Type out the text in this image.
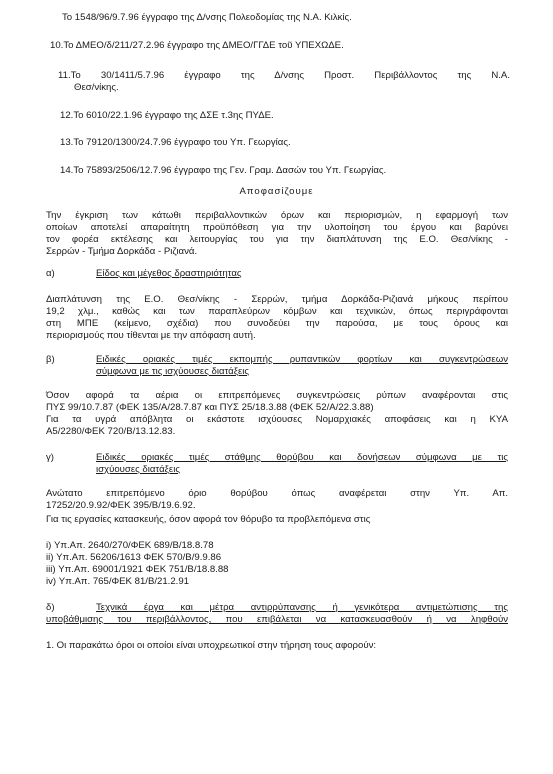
Το 1548/96/9.7.96 έγγραφο της Δ/νσης Πολεοδομίας της Ν.Α. Κιλκίς.
10.Το ΔΜΕΟ/δ/211/27.2.96 έγγραφο της ΔΜΕΟ/ΓΓΔΕ τοῦ ΥΠΕΧΩΔΕ.
11.Το 30/1411/5.7.96 έγγραφο της Δ/νσης Προστ. Περιβάλλοντος της Ν.Α.
Θεσ/νίκης.
12.Το 6010/22.1.96 έγγραφο της ΔΣΕ τ.3ης ΠΥΔΕ.
13.Το 79120/1300/24.7.96 έγγραφο του Υπ. Γεωργίας.
14.Το 75893/2506/12.7.96 έγγραφο της Γεν. Γραμ. Δασών του Υπ. Γεωργίας.
Αποφασίζουμε
Την έγκριση των κάτωθι περιβαλλοντικών όρων και περιορισμών, η εφαρμογή των
οποίων αποτελεί απαραίτητη προϋπόθεση για την υλοποίηση του έργου και βαρύνει
τον φορέα εκτέλεσης και λειτουργίας του για την διαπλάτυνση της Ε.Ο. Θεσ/νίκης -
Σερρών - Τμήμα Δορκάδα - Ριζιανά.
α)	Είδος και μέγεθος δραστηριότητας
Διαπλάτυνση της Ε.Ο. Θεσ/νίκης - Σερρών, τμήμα Δορκάδα-Ριζιανά μήκους περίπου
19,2 χλμ., καθώς και των παραπλεύρων κόμβων και τεχνικών, όπως περιγράφονται
στη ΜΠΕ (κείμενο, σχέδια) που συνοδεύει την παρούσα, με τους όρους και
περιορισμούς που τίθενται με την απόφαση αυτή.
β)	Ειδικές οριακές τιμές εκπομπής ρυπαντικών φορτίων και συγκεντρώσεων
σύμφωνα με τις ισχύουσες διατάξεις
Όσον αφορά τα αέρια οι επιτρεπόμενες συγκεντρώσεις ρύπων αναφέρονται στις
ΠΥΣ 99/10.7.87 (ΦΕΚ 135/Α/28.7.87 και ΠΥΣ 25/18.3.88 (ΦΕΚ 52/Α/22.3.88)
Για τα υγρά απόβλητα οι εκάστοτε ισχύουσες Νομαρχιακές αποφάσεις και η ΚΥΑ
Α5/2280/ΦΕΚ 720/Β/13.12.83.
γ)	Ειδικές οριακές τιμές στάθμης θορύβου και δονήσεων σύμφωνα με τις
ισχύουσες διατάξεις
Ανώτατο επιτρεπόμενο όριο θορύβου όπως αναφέρεται στην Υπ. Απ.
17252/20.9.92/ΦΕΚ 395/Β/19.6.92.
Για τις εργασίες κατασκευής, όσον αφορά τον θόρυβο τα προβλεπόμενα στις
i) Υπ.Απ. 2640/270/ΦΕΚ 689/Β/18.8.78
ii) Υπ.Απ. 56206/1613 ΦΕΚ 570/Β/9.9.86
iii) Υπ.Απ. 69001/1921 ΦΕΚ 751/Β/18.8.88
iv) Υπ.Απ. 765/ΦΕΚ 81/Β/21.2.91
δ)	Τεχνικά έργα και μέτρα αντιρρύπανσης ή γενικότερα αντιμετώπισης της
υποβάθμισης του περιβάλλοντος, που επιβάλεται να κατασκευασθούν ή να ληφθούν
1. Οι παρακάτω όροι οι οποίοι είναι υποχρεωτικοί στην τήρηση τους αφορούν:
